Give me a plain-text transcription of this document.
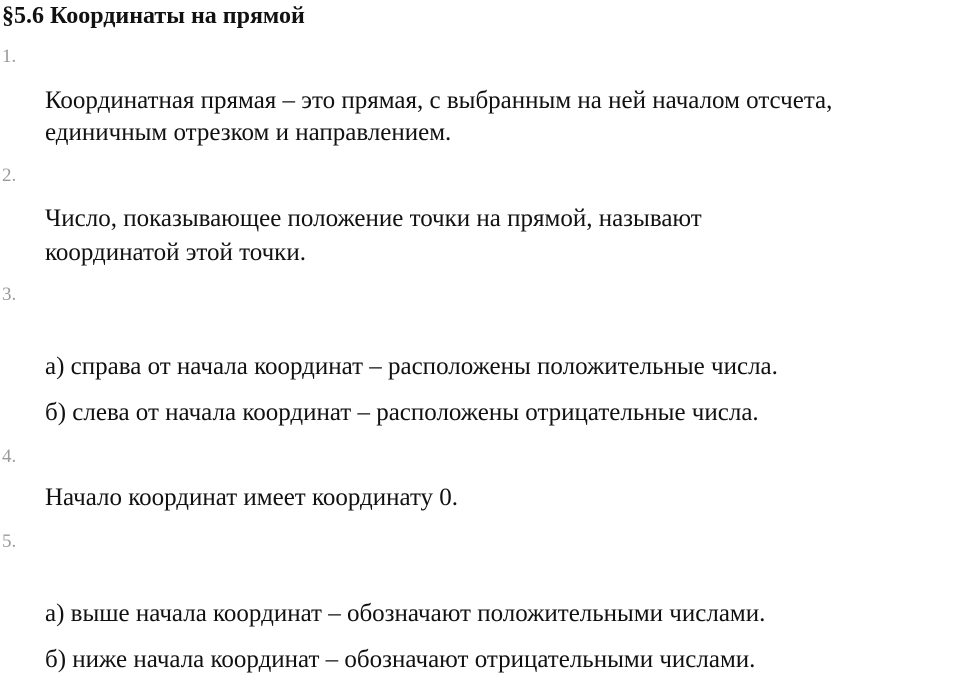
§5.6 Координаты на прямой
1.
Координатная прямая – это прямая, с выбранным на ней началом отсчета,
единичным отрезком и направлением.
2.
Число, показывающее положение точки на прямой, называют
координатой этой точки.
3.
а) справа от начала координат – расположены положительные числа.
б) слева от начала координат – расположены отрицательные числа.
4.
Начало координат имеет координату 0.
5.
а) выше начала координат – обозначают положительными числами.
б) ниже начала координат – обозначают отрицательными числами.
